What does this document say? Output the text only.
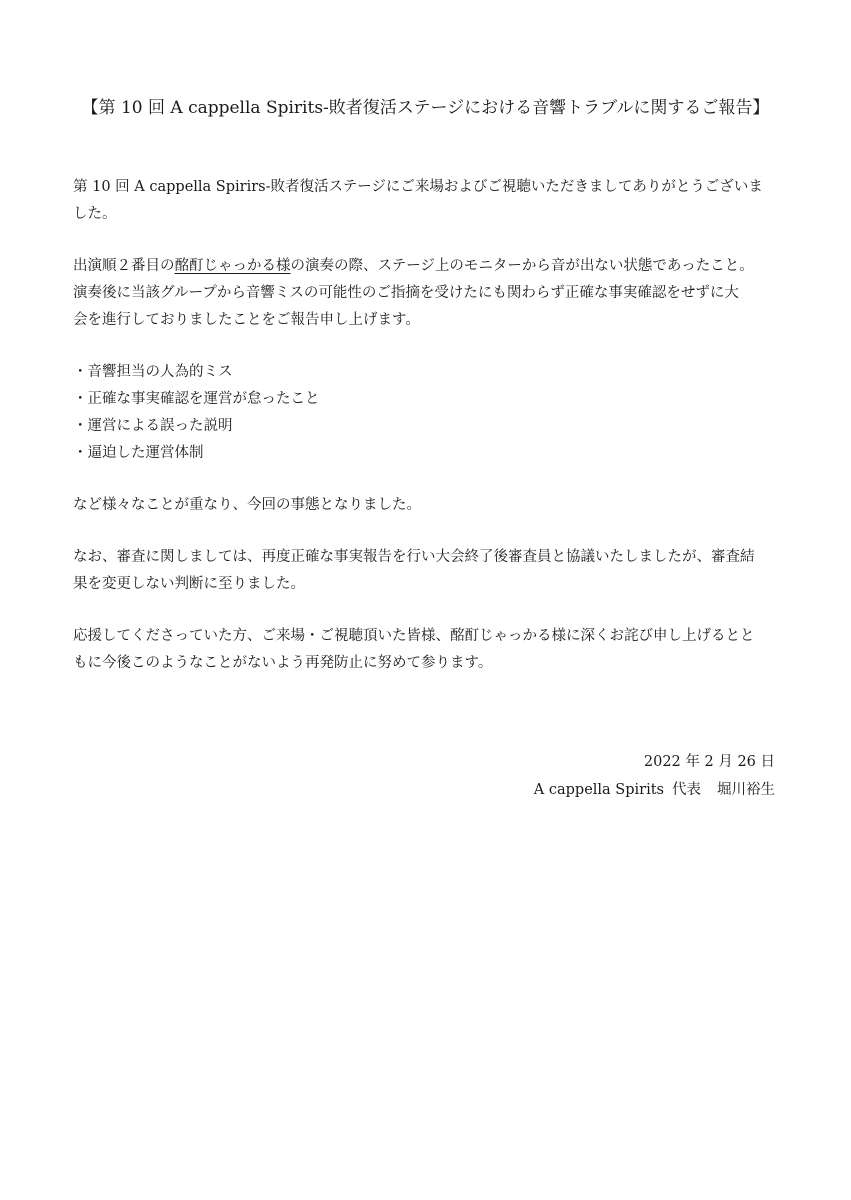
【第 10 回 A cappella Spirits-敗者復活ステージにおける音響トラブルに関するご報告】

第 10 回 A cappella Spirirs-敗者復活ステージにご来場およびご視聴いただきましてありがとうございま
した。

出演順２番目の酩酊じゃっかる様の演奏の際、ステージ上のモニターから音が出ない状態であったこと。
演奏後に当該グループから音響ミスの可能性のご指摘を受けたにも関わらず正確な事実確認をせずに大
会を進行しておりましたことをご報告申し上げます。

・音響担当の人為的ミス
・正確な事実確認を運営が怠ったこと
・運営による誤った説明
・逼迫した運営体制

など様々なことが重なり、今回の事態となりました。

なお、審査に関しましては、再度正確な事実報告を行い大会終了後審査員と協議いたしましたが、審査結
果を変更しない判断に至りました。

応援してくださっていた方、ご来場・ご視聴頂いた皆様、酩酊じゃっかる様に深くお詫び申し上げるとと
もに今後このようなことがないよう再発防止に努めて参ります。

2022 年 2 月 26 日
A cappella Spirits 代表 堀川裕生
